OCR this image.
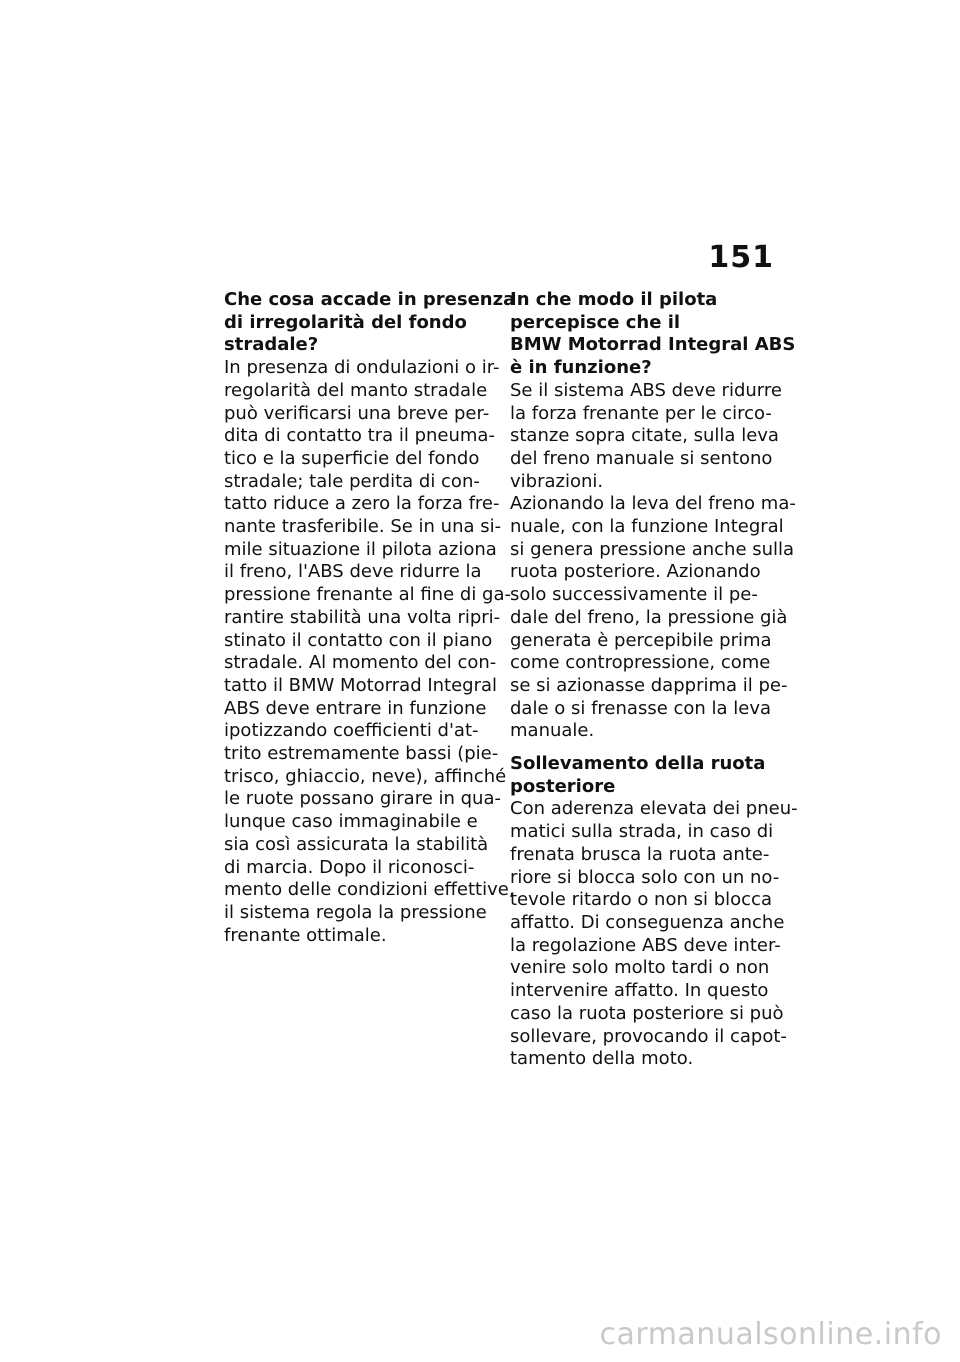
151

Che cosa accade in presenza
di irregolarità del fondo
stradale?

In presenza di ondulazioni o ir-
regolarità del manto stradale
può verificarsi una breve per-
dita di contatto tra il pneuma-
tico e la superficie del fondo
stradale; tale perdita di con-
tatto riduce a zero la forza fre-
nante trasferibile. Se in una si-
mile situazione il pilota aziona
il freno, l'ABS deve ridurre la
pressione frenante al fine di ga-
rantire stabilità una volta ripri-
stinato il contatto con il piano
stradale. Al momento del con-
tatto il BMW Motorrad Integral
ABS deve entrare in funzione
ipotizzando coefficienti d'at-
trito estremamente bassi (pie-
trisco, ghiaccio, neve), affinché
le ruote possano girare in qua-
lunque caso immaginabile e
sia così assicurata la stabilità
di marcia. Dopo il riconosci-
mento delle condizioni effettive,
il sistema regola la pressione
frenante ottimale.

In che modo il pilota
percepisce che il
BMW Motorrad Integral ABS
è in funzione?

Se il sistema ABS deve ridurre
la forza frenante per le circo-
stanze sopra citate, sulla leva
del freno manuale si sentono
vibrazioni.

Azionando la leva del freno ma-
nuale, con la funzione Integral
si genera pressione anche sulla
ruota posteriore. Azionando
solo successivamente il pe-
dale del freno, la pressione già
generata è percepibile prima
come contropressione, come
se si azionasse dapprima il pe-
dale o si frenasse con la leva
manuale.

Sollevamento della ruota
posteriore

Con aderenza elevata dei pneu-
matici sulla strada, in caso di
frenata brusca la ruota ante-
riore si blocca solo con un no-
tevole ritardo o non si blocca
affatto. Di conseguenza anche
la regolazione ABS deve inter-
venire solo molto tardi o non
intervenire affatto. In questo
caso la ruota posteriore si può
sollevare, provocando il capot-
tamento della moto.

carmanualsonline.info
